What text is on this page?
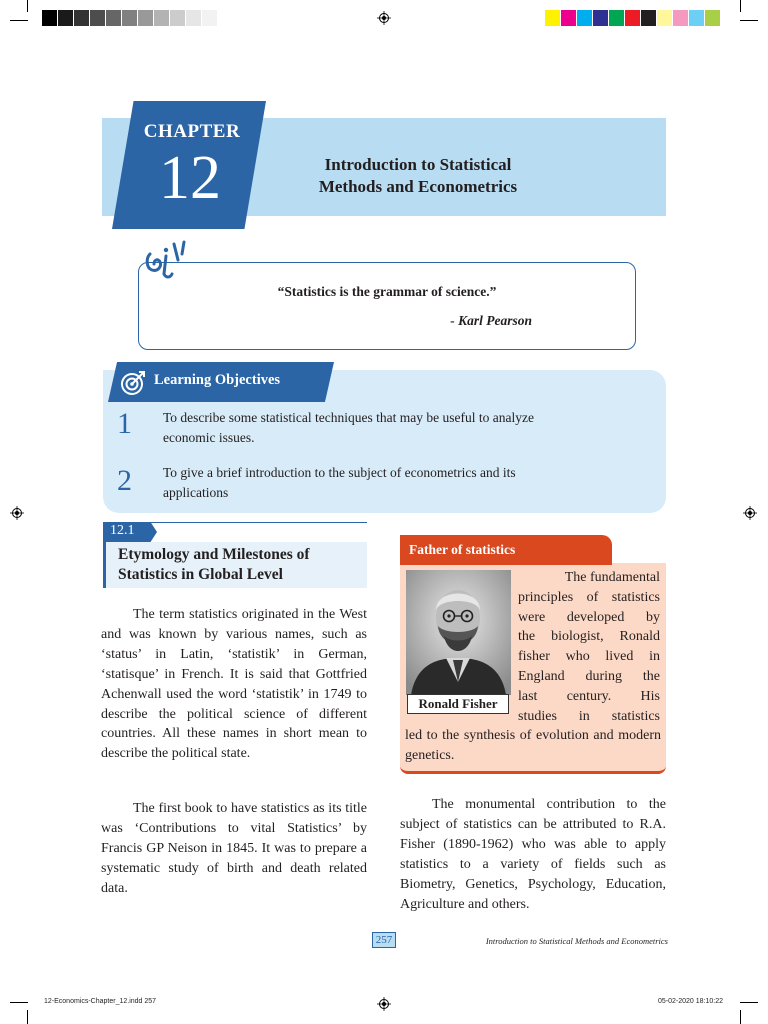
CHAPTER
12	Introduction to Statistical
Methods and Econometrics
“Statistics is the grammar of science.”
- Karl Pearson
Learning Objectives
1 To describe some statistical techniques that may be useful to analyze
economic issues.
2 To give a brief introduction to the subject of econometrics and its
applications
12.1
Etymology and Milestones of
Statistics in Global Level

The term statistics originated in the West and was known by various names, such as ‘status’ in Latin, ‘statistik’ in German, ‘statisque’ in French. It is said that Gottfried Achenwall used the word ‘statistik’ in 1749 to describe the political science of different countries. All these names in short mean to describe the political state.

The first book to have statistics as its title was ‘Contributions to vital Statistics’ by Francis GP Neison in 1845. It was to prepare a systematic study of birth and death related data.

Father of statistics
Ronald Fisher
The fundamental
principles of statistics
were developed by
the biologist, Ronald
fisher who lived in
England during the
last century. His
studies in statistics
led to the synthesis of evolution and modern genetics.

The monumental contribution to the subject of statistics can be attributed to R.A. Fisher (1890-1962) who was able to apply statistics to a variety of fields such as Biometry, Genetics, Psychology, Education, Agriculture and others.

257	Introduction to Statistical Methods and Econometrics
12-Economics-Chapter_12.indd 257	05-02-2020 18:10:22
